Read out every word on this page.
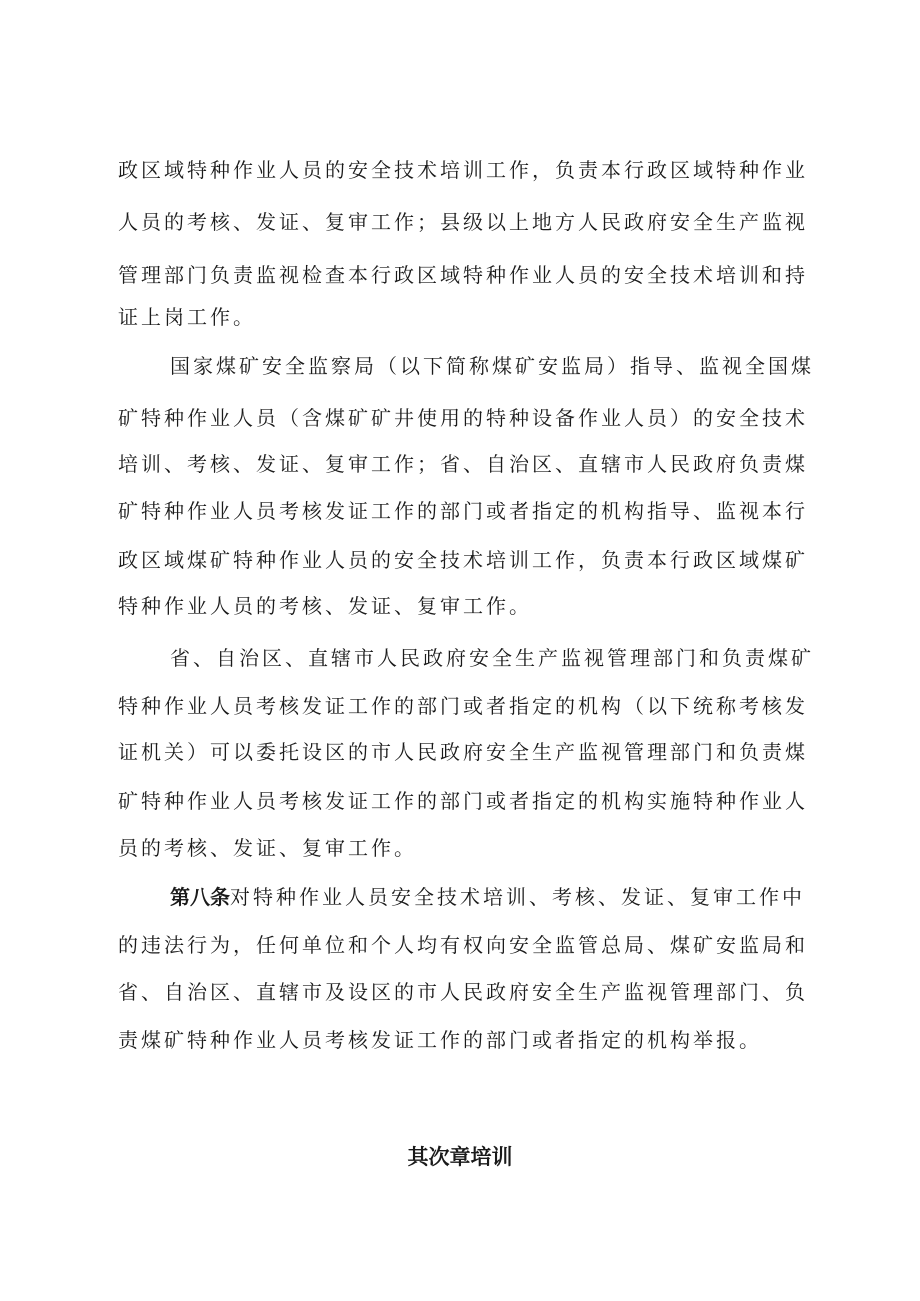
政区域特种作业人员的安全技术培训工作，负责本行政区域特种作业
人员的考核、发证、复审工作；县级以上地方人民政府安全生产监视
管理部门负责监视检查本行政区域特种作业人员的安全技术培训和持
证上岗工作。
国家煤矿安全监察局（以下简称煤矿安监局）指导、监视全国煤
矿特种作业人员（含煤矿矿井使用的特种设备作业人员）的安全技术
培训、考核、发证、复审工作；省、自治区、直辖市人民政府负责煤
矿特种作业人员考核发证工作的部门或者指定的机构指导、监视本行
政区域煤矿特种作业人员的安全技术培训工作，负责本行政区域煤矿
特种作业人员的考核、发证、复审工作。
省、自治区、直辖市人民政府安全生产监视管理部门和负责煤矿
特种作业人员考核发证工作的部门或者指定的机构（以下统称考核发
证机关）可以委托设区的市人民政府安全生产监视管理部门和负责煤
矿特种作业人员考核发证工作的部门或者指定的机构实施特种作业人
员的考核、发证、复审工作。
第八条对特种作业人员安全技术培训、考核、发证、复审工作中
的违法行为，任何单位和个人均有权向安全监管总局、煤矿安监局和
省、自治区、直辖市及设区的市人民政府安全生产监视管理部门、负
责煤矿特种作业人员考核发证工作的部门或者指定的机构举报。
其次章培训
